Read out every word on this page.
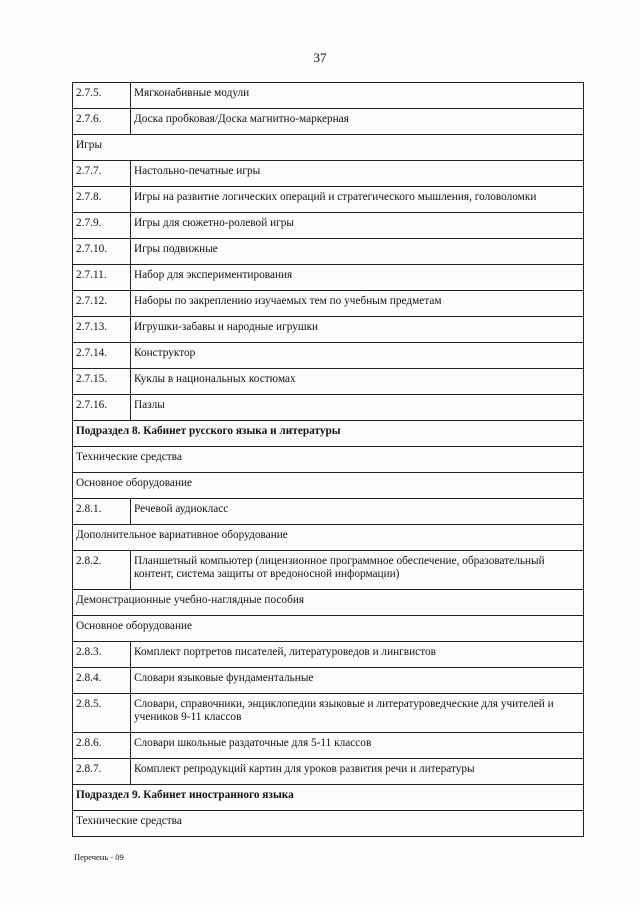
37
2.7.5.	Мягконабивные модули
2.7.6.	Доска пробковая/Доска магнитно-маркерная
Игры	
2.7.7.	Настольно-печатные игры
2.7.8.	Игры на развитие логических операций и стратегического мышления, головоломки
2.7.9.	Игры для сюжетно-ролевой игры
2.7.10.	Игры подвижные
2.7.11.	Набор для экспериментирования
2.7.12.	Наборы по закреплению изучаемых тем по учебным предметам
2.7.13.	Игрушки-забавы и народные игрушки
2.7.14.	Конструктор
2.7.15.	Куклы в национальных костюмах
2.7.16.	Пазлы
Подраздел 8. Кабинет русского языка и литературы	
Технические средства	
Основное оборудование	
2.8.1.	Речевой аудиокласс
Дополнительное вариативное оборудование	
2.8.2.	Планшетный компьютер (лицензионное программное обеспечение, образовательный контент, система защиты от вредоносной информации)
Демонстрационные учебно-наглядные пособия	
Основное оборудование	
2.8.3.	Комплект портретов писателей, литературоведов и лингвистов
2.8.4.	Словари языковые фундаментальные
2.8.5.	Словари, справочники, энциклопедии языковые и литературоведческие для учителей и учеников 9-11 классов
2.8.6.	Словари школьные раздаточные для 5-11 классов
2.8.7.	Комплект репродукций картин для уроков развития речи и литературы
Подраздел 9. Кабинет иностранного языка	
Технические средства	
Перечень - 09
